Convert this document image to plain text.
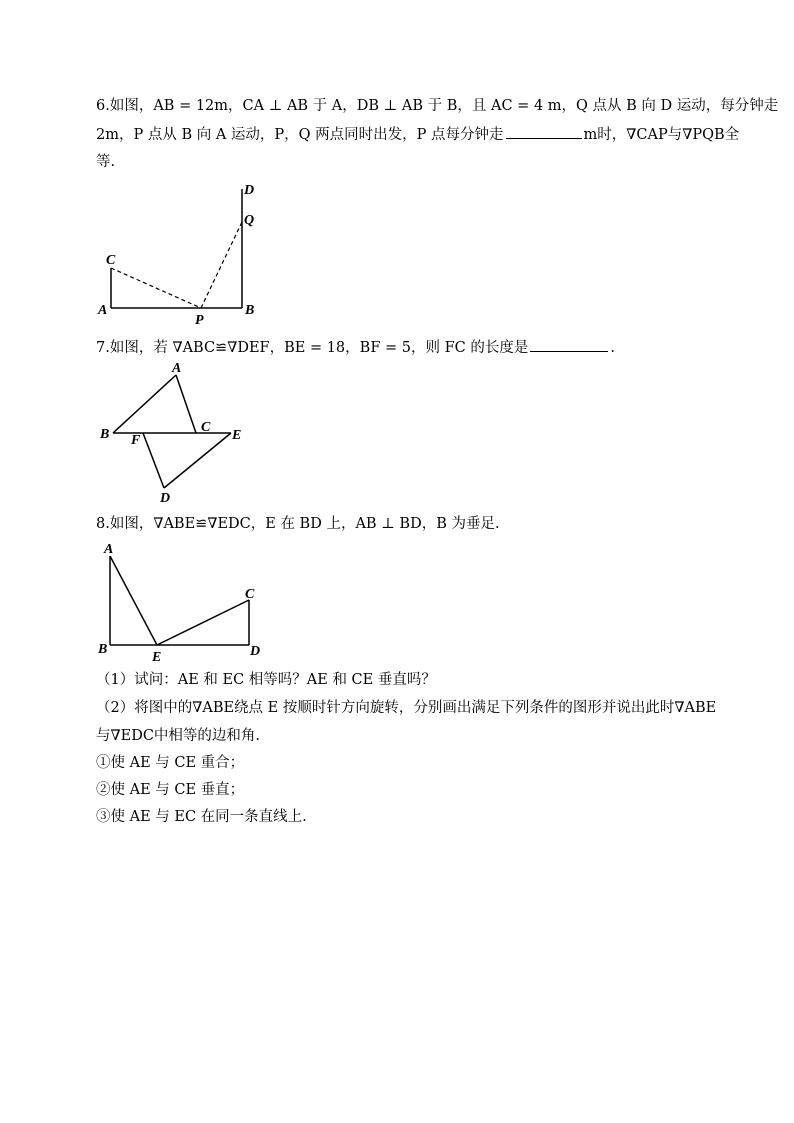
6.如图，AB = 12m，CA ⊥ AB 于 A，DB ⊥ AB 于 B，且 AC = 4 m，Q 点从 B 向 D 运动，每分钟走
2m，P 点从 B 向 A 运动，P，Q 两点同时出发，P 点每分钟走	m时，∇CAP与∇PQB全
等.
C
A
P
B
D
Q
7.如图，若 ∇ABC≌∇DEF，BE = 18，BF = 5，则 FC 的长度是	.
A
B F
C
E
D
8.如图，∇ABE≌∇EDC，E 在 BD 上，AB ⊥ BD，B 为垂足.
A
B
E
C
D
（1）试问：AE 和 EC 相等吗？AE 和 CE 垂直吗？
（2）将图中的∇ABE绕点 E 按顺时针方向旋转，分别画出满足下列条件的图形并说出此时∇ABE
与∇EDC中相等的边和角.
①使 AE 与 CE 重合；
②使 AE 与 CE 垂直；
③使 AE 与 EC 在同一条直线上.
